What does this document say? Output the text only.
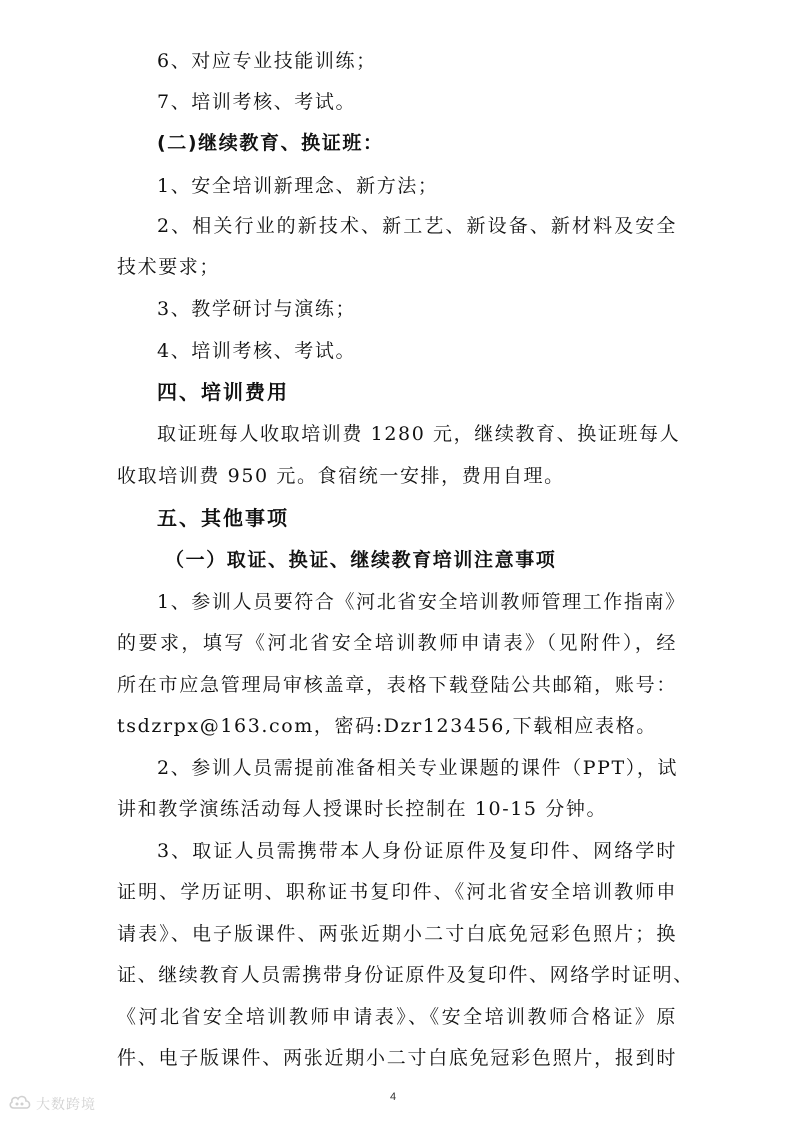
6、对应专业技能训练；
7、培训考核、考试。
(二)继续教育、换证班：
1、安全培训新理念、新方法；
2、相关行业的新技术、新工艺、新设备、新材料及安全
技术要求；
3、教学研讨与演练；
4、培训考核、考试。
四、培训费用
取证班每人收取培训费 1280 元，继续教育、换证班每人
收取培训费 950 元。食宿统一安排，费用自理。
五、其他事项
（一）取证、换证、继续教育培训注意事项
1、参训人员要符合《河北省安全培训教师管理工作指南》
的要求，填写《河北省安全培训教师申请表》（见附件），经
所在市应急管理局审核盖章，表格下载登陆公共邮箱，账号：
tsdzrpx@163.com，密码:Dzr123456,下载相应表格。
2、参训人员需提前准备相关专业课题的课件（PPT），试
讲和教学演练活动每人授课时长控制在 10-15 分钟。
3、取证人员需携带本人身份证原件及复印件、网络学时
证明、学历证明、职称证书复印件、《河北省安全培训教师申
请表》、电子版课件、两张近期小二寸白底免冠彩色照片；换
证、继续教育人员需携带身份证原件及复印件、网络学时证明、
《河北省安全培训教师申请表》、《安全培训教师合格证》原
件、电子版课件、两张近期小二寸白底免冠彩色照片，报到时
4
大数跨境
